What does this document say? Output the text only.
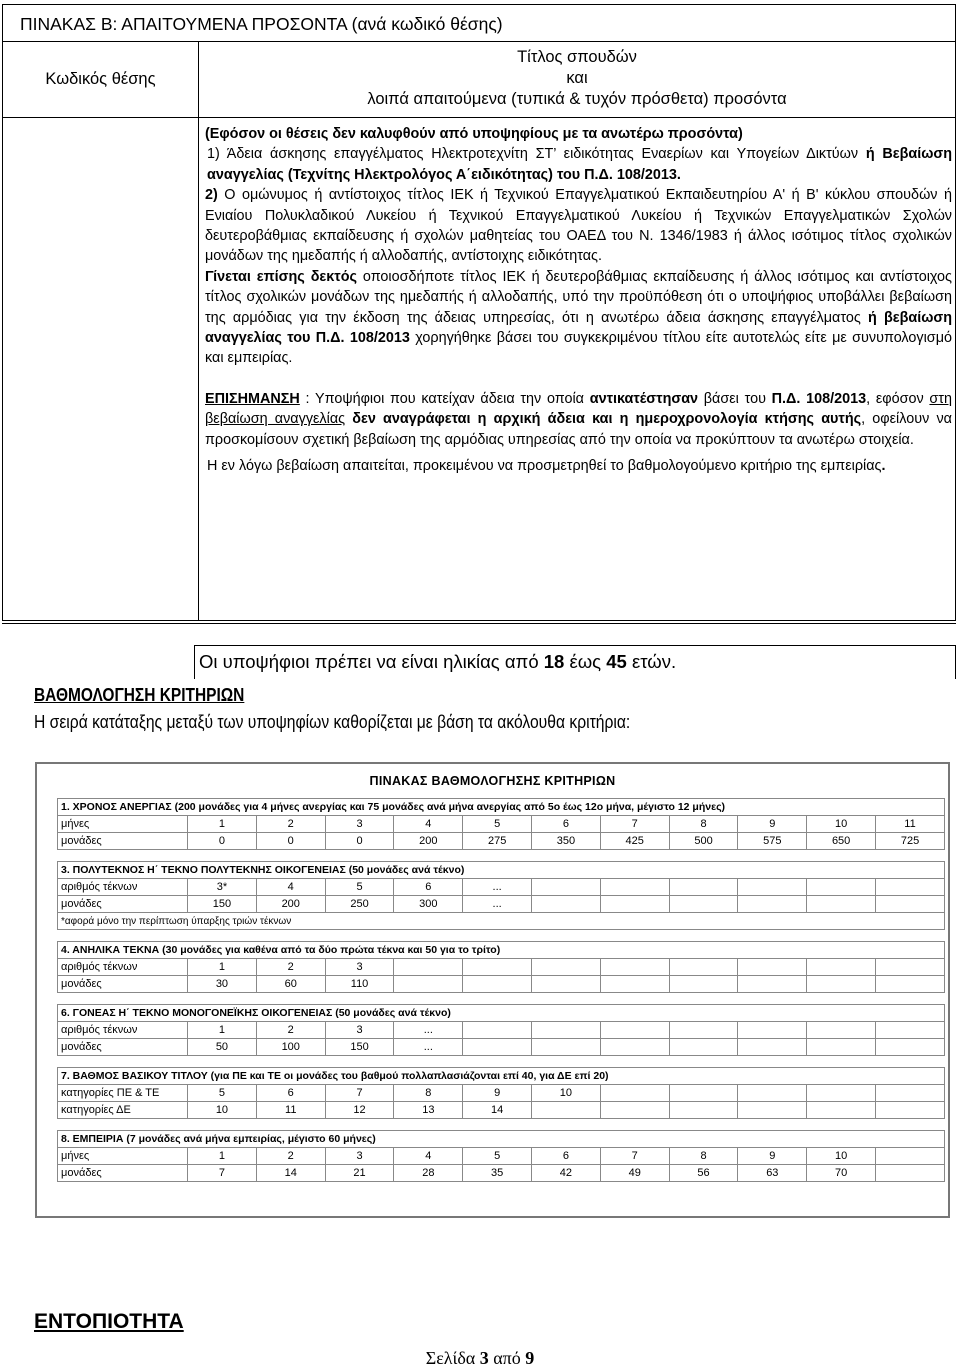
ΠΙΝΑΚΑΣ Β: ΑΠΑΙΤΟΥΜΕΝΑ ΠΡΟΣΟΝΤΑ (ανά κωδικό θέσης)
Κωδικός θέσης
Τίτλος σπουδών
και
λοιπά απαιτούμενα (τυπικά & τυχόν πρόσθετα) προσόντα

(Εφόσον οι θέσεις δεν καλυφθούν από υποψηφίους με τα ανωτέρω προσόντα)

1) Άδεια άσκησης επαγγέλματος Ηλεκτροτεχνίτη ΣΤ’ ειδικότητας Εναερίων και Υπογείων Δικτύων ή Βεβαίωση αναγγελίας (Τεχνίτης Ηλεκτρολόγος Α΄ειδικότητας) του Π.Δ. 108/2013.

2) Ο ομώνυμος ή αντίστοιχος τίτλος ΙΕΚ ή Τεχνικού Επαγγελματικού Εκπαιδευτηρίου Α' ή Β' κύκλου σπουδών ή Ενιαίου Πολυκλαδικού Λυκείου ή Τεχνικού Επαγγελματικού Λυκείου ή Τεχνικών Επαγγελματικών Σχολών δευτεροβάθμιας εκπαίδευσης ή σχολών μαθητείας του ΟΑΕΔ του Ν. 1346/1983 ή άλλος ισότιμος τίτλος σχολικών μονάδων της ημεδαπής ή αλλοδαπής, αντίστοιχης ειδικότητας.

Γίνεται επίσης δεκτός οποιοσδήποτε τίτλος ΙΕΚ ή δευτεροβάθμιας εκπαίδευσης ή άλλος ισότιμος και αντίστοιχος τίτλος σχολικών μονάδων της ημεδαπής ή αλλοδαπής, υπό την προϋπόθεση ότι ο υποψήφιος υποβάλλει βεβαίωση της αρμόδιας για την έκδοση της άδειας υπηρεσίας, ότι η ανωτέρω άδεια άσκησης επαγγέλματος ή βεβαίωση αναγγελίας του Π.Δ. 108/2013 χορηγήθηκε βάσει του συγκεκριμένου τίτλου είτε αυτοτελώς είτε με συνυπολογισμό και εμπειρίας.

ΕΠΙΣΗΜΑΝΣΗ : Υποψήφιοι που κατείχαν άδεια την οποία αντικατέστησαν βάσει του Π.Δ. 108/2013, εφόσον στη βεβαίωση αναγγελίας δεν αναγράφεται η αρχική άδεια και η ημεροχρονολογία κτήσης αυτής, οφείλουν να προσκομίσουν σχετική βεβαίωση της αρμόδιας υπηρεσίας από την οποία να προκύπτουν τα ανωτέρω στοιχεία.

Η εν λόγω βεβαίωση απαιτείται, προκειμένου να προσμετρηθεί το βαθμολογούμενο κριτήριο της εμπειρίας.

Οι υποψήφιοι πρέπει να είναι ηλικίας από 18 έως 45 ετών.
ΒΑΘΜΟΛΟΓΗΣΗ ΚΡΙΤΗΡΙΩΝ
Η σειρά κατάταξης μεταξύ των υποψηφίων καθορίζεται με βάση τα ακόλουθα κριτήρια:
ΠΙΝΑΚΑΣ ΒΑΘΜΟΛΟΓΗΣΗΣ ΚΡΙΤΗΡΙΩΝ
1. ΧΡΟΝΟΣ ΑΝΕΡΓΙΑΣ (200 μονάδες για 4 μήνες ανεργίας και 75 μονάδες ανά μήνα ανεργίας από 5ο έως 12ο μήνα, μέγιστο 12 μήνες)											
μήνες	1	2	3	4	5	6	7	8	9	10	11
μονάδες	0	0	0	200	275	350	425	500	575	650	725

3. ΠΟΛΥΤΕΚΝΟΣ Η΄ ΤΕΚΝΟ ΠΟΛΥΤΕΚΝΗΣ ΟΙΚΟΓΕΝΕΙΑΣ (50 μονάδες ανά τέκνο)											
αριθμός τέκνων	3*	4	5	6	...						
μονάδες	150	200	250	300	...						
*αφορά μόνο την περίπτωση ύπαρξης τριών τέκνων											

4. ΑΝΗΛΙΚΑ ΤΕΚΝΑ (30 μονάδες για καθένα από τα δύο πρώτα τέκνα και 50 για το τρίτο)											
αριθμός τέκνων	1	2	3								
μονάδες	30	60	110								

6. ΓΟΝΕΑΣ Η΄ ΤΕΚΝΟ ΜΟΝΟΓΟΝΕΪΚΗΣ ΟΙΚΟΓΕΝΕΙΑΣ (50 μονάδες ανά τέκνο)											
αριθμός τέκνων	1	2	3	...							
μονάδες	50	100	150	...							

7. ΒΑΘΜΟΣ ΒΑΣΙΚΟΥ ΤΙΤΛΟΥ (για ΠΕ και ΤΕ οι μονάδες του βαθμού πολλαπλασιάζονται επί 40, για ΔΕ επί 20)											
κατηγορίες ΠΕ & ΤΕ	5	6	7	8	9	10					
κατηγορίες ΔΕ	10	11	12	13	14						

8. ΕΜΠΕΙΡΙΑ (7 μονάδες ανά μήνα εμπειρίας, μέγιστο 60 μήνες)											
μήνες	1	2	3	4	5	6	7	8	9	10	
μονάδες	7	14	21	28	35	42	49	56	63	70	
ΕΝΤΟΠΙΟΤΗΤΑ
Σελίδα 3 από 9
